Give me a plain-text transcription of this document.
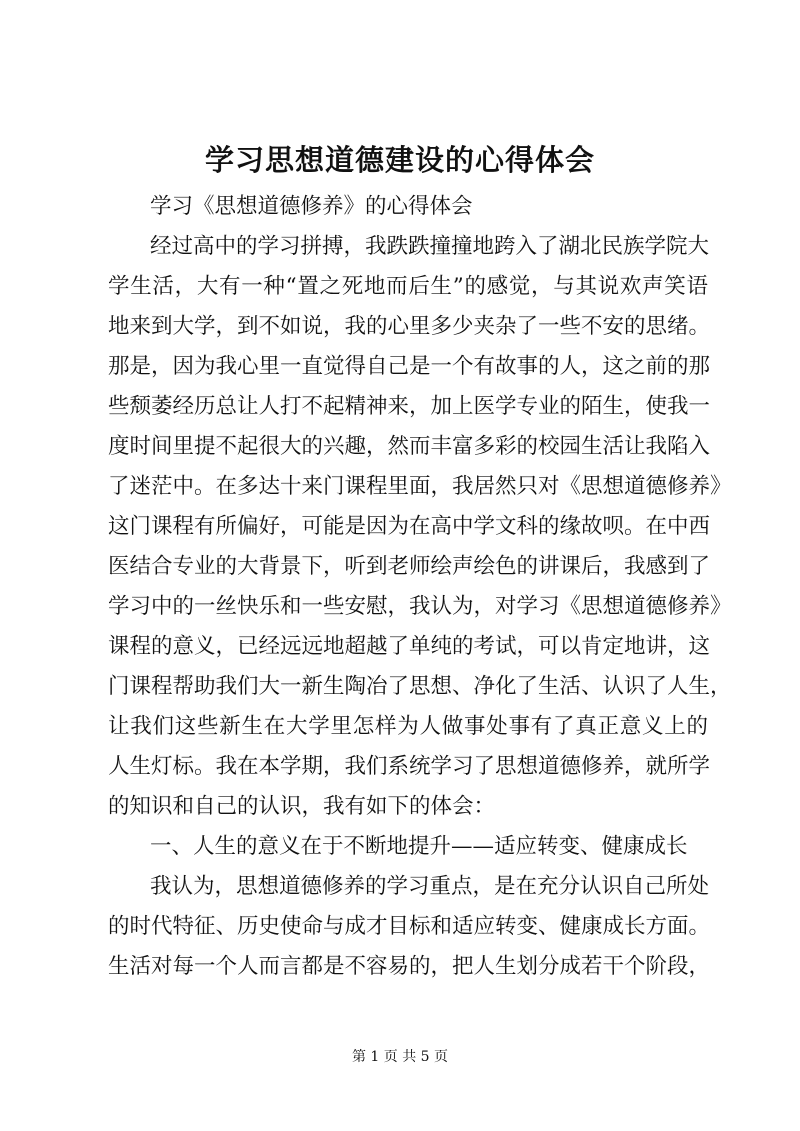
学习思想道德建设的心得体会
学习《思想道德修养》的心得体会
经过高中的学习拼搏，我跌跌撞撞地跨入了湖北民族学院大
学生活，大有一种“置之死地而后生”的感觉，与其说欢声笑语
地来到大学，到不如说，我的心里多少夹杂了一些不安的思绪。
那是，因为我心里一直觉得自己是一个有故事的人，这之前的那
些颓萎经历总让人打不起精神来，加上医学专业的陌生，使我一
度时间里提不起很大的兴趣，然而丰富多彩的校园生活让我陷入
了迷茫中。在多达十来门课程里面，我居然只对《思想道德修养》
这门课程有所偏好，可能是因为在高中学文科的缘故呗。在中西
医结合专业的大背景下，听到老师绘声绘色的讲课后，我感到了
学习中的一丝快乐和一些安慰，我认为，对学习《思想道德修养》
课程的意义，已经远远地超越了单纯的考试，可以肯定地讲，这
门课程帮助我们大一新生陶冶了思想、净化了生活、认识了人生，
让我们这些新生在大学里怎样为人做事处事有了真正意义上的
人生灯标。我在本学期，我们系统学习了思想道德修养，就所学
的知识和自己的认识，我有如下的体会：
一、人生的意义在于不断地提升——适应转变、健康成长
我认为，思想道德修养的学习重点，是在充分认识自己所处
的时代特征、历史使命与成才目标和适应转变、健康成长方面。
生活对每一个人而言都是不容易的，把人生划分成若干个阶段，
第 1 页 共 5 页
